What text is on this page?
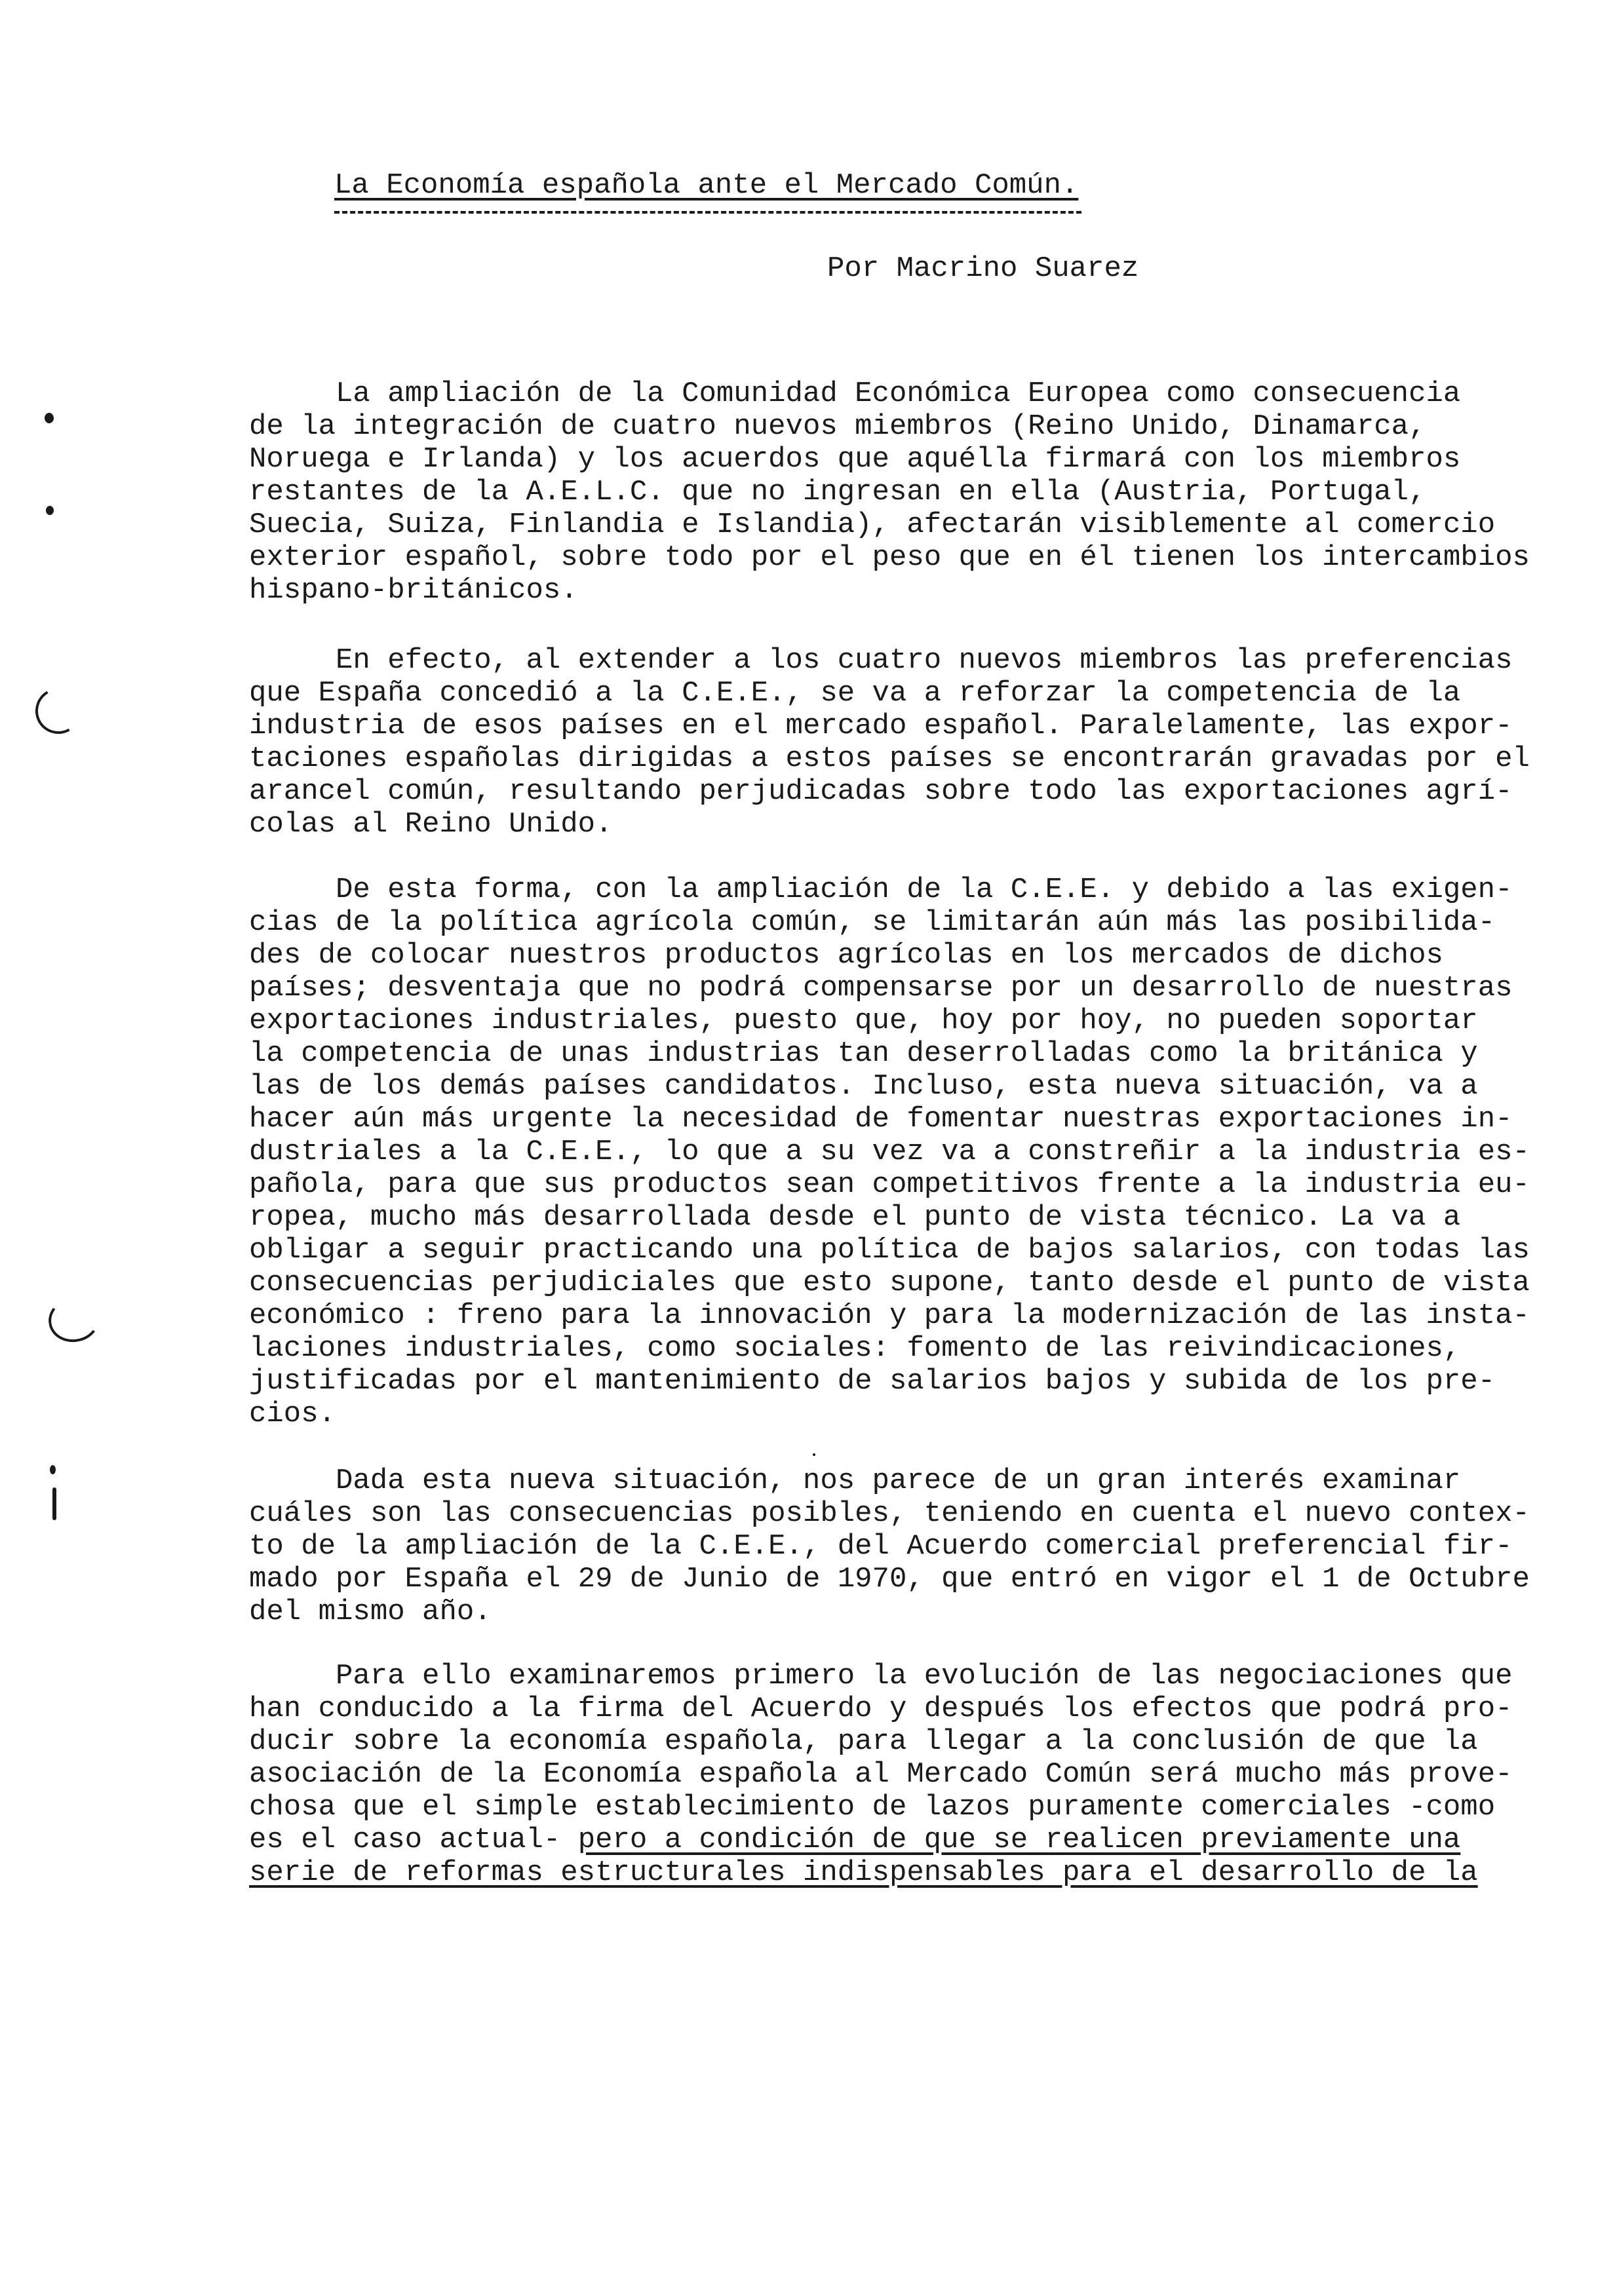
La Economía española ante el Mercado Común.
Por Macrino Suarez
La ampliación de la Comunidad Económica Europea como consecuencia
de la integración de cuatro nuevos miembros (Reino Unido, Dinamarca,
Noruega e Irlanda) y los acuerdos que aquélla firmará con los miembros
restantes de la A.E.L.C. que no ingresan en ella (Austria, Portugal,
Suecia, Suiza, Finlandia e Islandia), afectarán visiblemente al comercio
exterior español, sobre todo por el peso que en él tienen los intercambios
hispano-británicos.
En efecto, al extender a los cuatro nuevos miembros las preferencias
que España concedió a la C.E.E., se va a reforzar la competencia de la
industria de esos países en el mercado español. Paralelamente, las expor-
taciones españolas dirigidas a estos países se encontrarán gravadas por el
arancel común, resultando perjudicadas sobre todo las exportaciones agrí-
colas al Reino Unido.
De esta forma, con la ampliación de la C.E.E. y debido a las exigen-
cias de la política agrícola común, se limitarán aún más las posibilida-
des de colocar nuestros productos agrícolas en los mercados de dichos
países; desventaja que no podrá compensarse por un desarrollo de nuestras
exportaciones industriales, puesto que, hoy por hoy, no pueden soportar
la competencia de unas industrias tan deserrolladas como la británica y
las de los demás países candidatos. Incluso, esta nueva situación, va a
hacer aún más urgente la necesidad de fomentar nuestras exportaciones in-
dustriales a la C.E.E., lo que a su vez va a constreñir a la industria es-
pañola, para que sus productos sean competitivos frente a la industria eu-
ropea, mucho más desarrollada desde el punto de vista técnico. La va a
obligar a seguir practicando una política de bajos salarios, con todas las
consecuencias perjudiciales que esto supone, tanto desde el punto de vista
económico : freno para la innovación y para la modernización de las insta-
laciones industriales, como sociales: fomento de las reivindicaciones,
justificadas por el mantenimiento de salarios bajos y subida de los pre-
cios.
Dada esta nueva situación, nos parece de un gran interés examinar
cuáles son las consecuencias posibles, teniendo en cuenta el nuevo contex-
to de la ampliación de la C.E.E., del Acuerdo comercial preferencial fir-
mado por España el 29 de Junio de 1970, que entró en vigor el 1 de Octubre
del mismo año.
Para ello examinaremos primero la evolución de las negociaciones que
han conducido a la firma del Acuerdo y después los efectos que podrá pro-
ducir sobre la economía española, para llegar a la conclusión de que la
asociación de la Economía española al Mercado Común será mucho más prove-
chosa que el simple establecimiento de lazos puramente comerciales -como
es el caso actual- pero a condición de que se realicen previamente una
serie de reformas estructurales indispensables para el desarrollo de la
